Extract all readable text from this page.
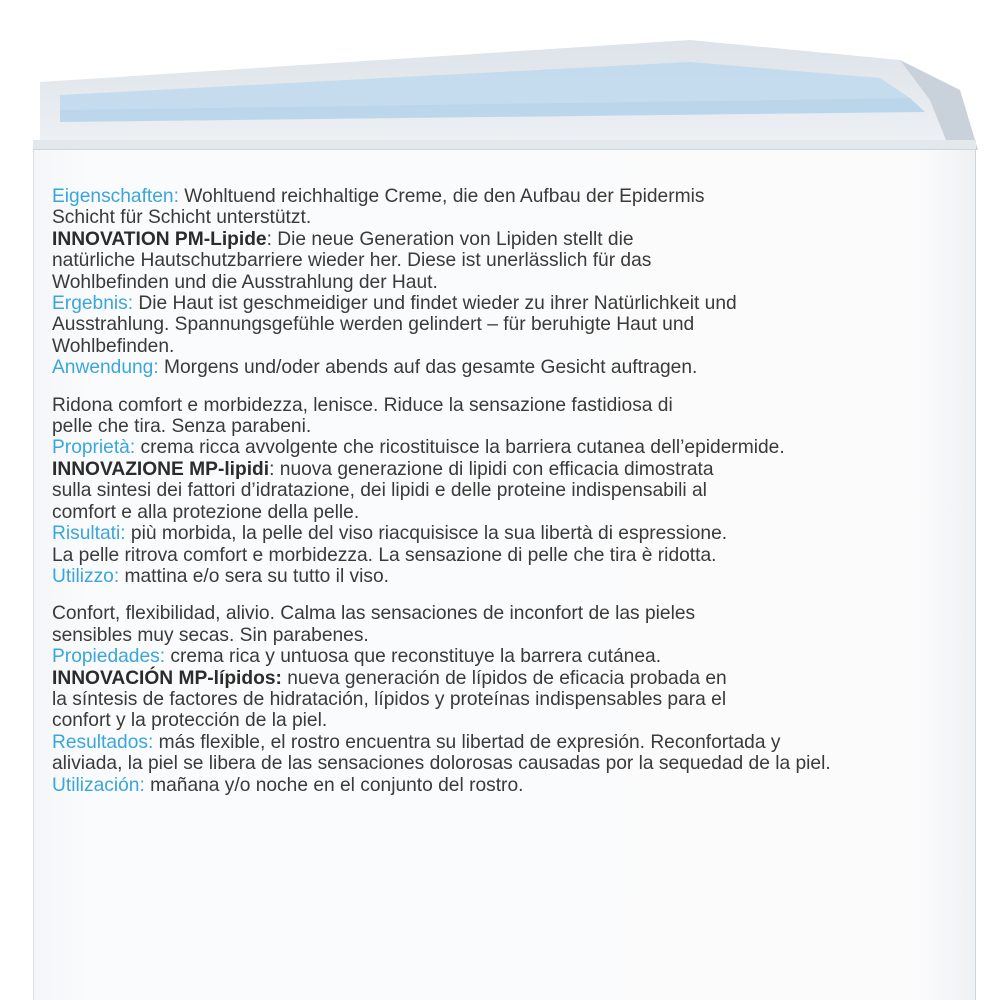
Eigenschaften: Wohltuend reichhaltige Creme, die den Aufbau der Epidermis
Schicht für Schicht unterstützt.

INNOVATION PM-Lipide: Die neue Generation von Lipiden stellt die
natürliche Hautschutzbarriere wieder her. Diese ist unerlässlich für das
Wohlbefinden und die Ausstrahlung der Haut.

Ergebnis: Die Haut ist geschmeidiger und findet wieder zu ihrer Natürlichkeit und
Ausstrahlung. Spannungsgefühle werden gelindert – für beruhigte Haut und
Wohlbefinden.

Anwendung: Morgens und/oder abends auf das gesamte Gesicht auftragen.

Ridona comfort e morbidezza, lenisce. Riduce la sensazione fastidiosa di
pelle che tira. Senza parabeni.

Proprietà: crema ricca avvolgente che ricostituisce la barriera cutanea dell’epidermide.

INNOVAZIONE MP-lipidi: nuova generazione di lipidi con efficacia dimostrata
sulla sintesi dei fattori d’idratazione, dei lipidi e delle proteine indispensabili al
comfort e alla protezione della pelle.

Risultati: più morbida, la pelle del viso riacquisisce la sua libertà di espressione.
La pelle ritrova comfort e morbidezza. La sensazione di pelle che tira è ridotta.

Utilizzo: mattina e/o sera su tutto il viso.

Confort, flexibilidad, alivio. Calma las sensaciones de inconfort de las pieles
sensibles muy secas. Sin parabenes.

Propiedades: crema rica y untuosa que reconstituye la barrera cutánea.

INNOVACIÓN MP-lípidos: nueva generación de lípidos de eficacia probada en
la síntesis de factores de hidratación, lípidos y proteínas indispensables para el
confort y la protección de la piel.

Resultados: más flexible, el rostro encuentra su libertad de expresión. Reconfortada y
aliviada, la piel se libera de las sensaciones dolorosas causadas por la sequedad de la piel.

Utilización: mañana y/o noche en el conjunto del rostro.
